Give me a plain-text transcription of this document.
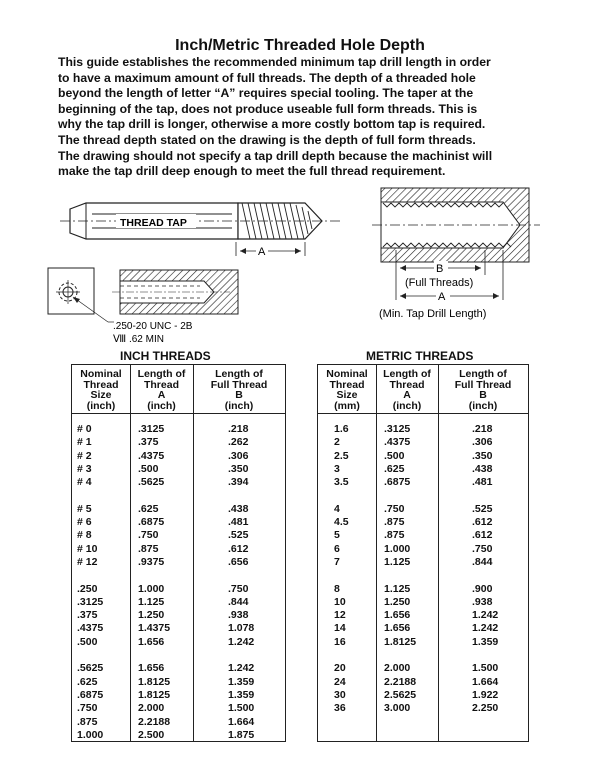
Inch/Metric Threaded Hole Depth
This guide establishes the recommended minimum tap drill length in order
to have a maximum amount of full threads. The depth of a threaded hole
beyond the length of letter “A” requires special tooling. The taper at the
beginning of the tap, does not produce useable full form threads. This is
why the tap drill is longer, otherwise a more costly bottom tap is required.
The thread depth stated on the drawing is the depth of full form threads.
The drawing should not specify a tap drill depth because the machinist will
make the tap drill deep enough to meet the full thread requirement.
THREAD TAP
A
.250-20 UNC - 2B
Ⅷ .62 MIN
B
(Full Threads)
A
(Min. Tap Drill Length)
INCH THREADS
Nominal
Thread
Size
(inch)
Length of
Thread
A
(inch)
Length of
Full Thread
B
(inch)
# 0
# 1
# 2
# 3
# 4
# 5
# 6
# 8
# 10
# 12
.250
.3125
.375
.4375
.500
.5625
.625
.6875
.750
.875
1.000
.3125
.375
.4375
.500
.5625
.625
.6875
.750
.875
.9375
1.000
1.125
1.250
1.4375
1.656
1.656
1.8125
1.8125
2.000
2.2188
2.500
.218
.262
.306
.350
.394
.438
.481
.525
.612
.656
.750
.844
.938
1.078
1.242
1.242
1.359
1.359
1.500
1.664
1.875
METRIC THREADS
Nominal
Thread
Size
(mm)
Length of
Thread
A
(inch)
Length of
Full Thread
B
(inch)
1.6
2
2.5
3
3.5
4
4.5
5
6
7
8
10
12
14
16
20
24
30
36
.3125
.4375
.500
.625
.6875
.750
.875
.875
1.000
1.125
1.125
1.250
1.656
1.656
1.8125
2.000
2.2188
2.5625
3.000
.218
.306
.350
.438
.481
.525
.612
.612
.750
.844
.900
.938
1.242
1.242
1.359
1.500
1.664
1.922
2.250
